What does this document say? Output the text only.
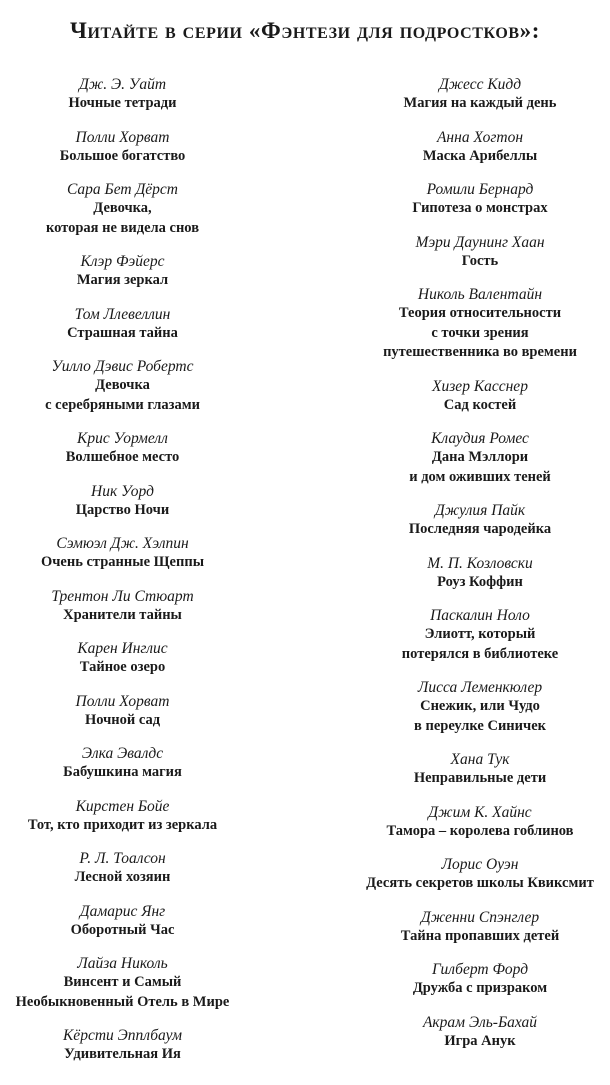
Читайте в серии «Фэнтези для подростков»:
Дж. Э. Уайт
Ночные тетради
Полли Хорват
Большое богатство
Сара Бет Дёрст
Девочка,
которая не видела снов
Клэр Фэйерс
Магия зеркал
Том Ллевеллин
Страшная тайна
Уилло Дэвис Робертс
Девочка
с серебряными глазами
Крис Уормелл
Волшебное место
Ник Уорд
Царство Ночи
Сэмюэл Дж. Хэлпин
Очень странные Щеппы
Трентон Ли Стюарт
Хранители тайны
Карен Инглис
Тайное озеро
Полли Хорват
Ночной сад
Элка Эвалдс
Бабушкина магия
Кирстен Бойе
Тот, кто приходит из зеркала
Р. Л. Тоалсон
Лесной хозяин
Дамарис Янг
Оборотный Час
Лайза Николь
Винсент и Самый
Необыкновенный Отель в Мире
Кёрсти Эпплбаум
Удивительная Ия
Джесс Кидд
Магия на каждый день
Анна Хогтон
Маска Арибеллы
Ромили Бернард
Гипотеза о монстрах
Мэри Даунинг Хаан
Гость
Николь Валентайн
Теория относительности
с точки зрения
путешественника во времени
Хизер Касснер
Сад костей
Клаудия Ромес
Дана Мэллори
и дом оживших теней
Джулия Пайк
Последняя чародейка
М. П. Козловски
Роуз Коффин
Паскалин Ноло
Элиотт, который
потерялся в библиотеке
Лисса Леменкюлер
Снежик, или Чудо
в переулке Синичек
Хана Тук
Неправильные дети
Джим К. Хайнс
Тамора – королева гоблинов
Лорис Оуэн
Десять секретов школы Квиксмит
Дженни Спэнглер
Тайна пропавших детей
Гилберт Форд
Дружба с призраком
Акрам Эль-Бахай
Игра Анук
